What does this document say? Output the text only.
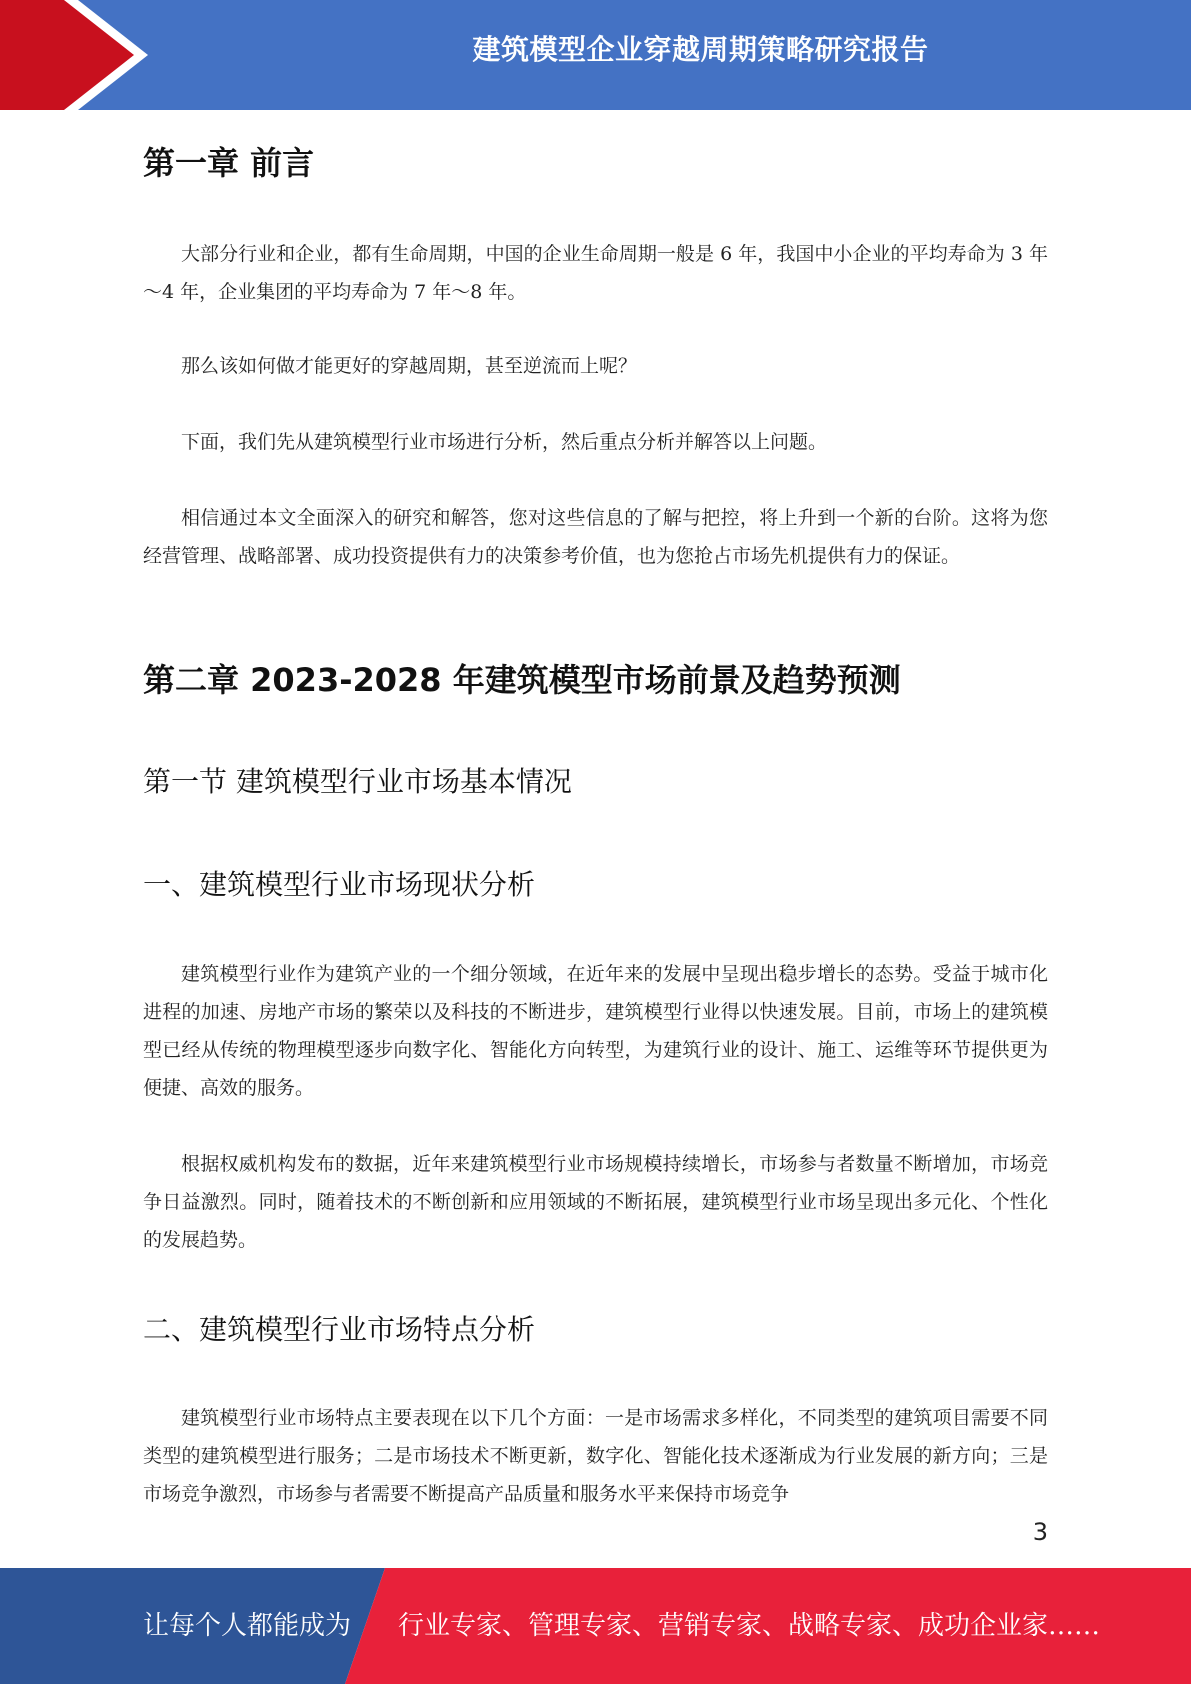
建筑模型企业穿越周期策略研究报告
第一章 前言

大部分行业和企业，都有生命周期，中国的企业生命周期一般是 6 年，我国中小企业的平均寿命为 3 年～4 年，企业集团的平均寿命为 7 年～8 年。

那么该如何做才能更好的穿越周期，甚至逆流而上呢？

下面，我们先从建筑模型行业市场进行分析，然后重点分析并解答以上问题。

相信通过本文全面深入的研究和解答，您对这些信息的了解与把控，将上升到一个新的台阶。这将为您经营管理、战略部署、成功投资提供有力的决策参考价值，也为您抢占市场先机提供有力的保证。

第二章 2023-2028 年建筑模型市场前景及趋势预测
第一节 建筑模型行业市场基本情况
一、建筑模型行业市场现状分析

建筑模型行业作为建筑产业的一个细分领域，在近年来的发展中呈现出稳步增长的态势。受益于城市化进程的加速、房地产市场的繁荣以及科技的不断进步，建筑模型行业得以快速发展。目前，市场上的建筑模型已经从传统的物理模型逐步向数字化、智能化方向转型，为建筑行业的设计、施工、运维等环节提供更为便捷、高效的服务。

根据权威机构发布的数据，近年来建筑模型行业市场规模持续增长，市场参与者数量不断增加，市场竞争日益激烈。同时，随着技术的不断创新和应用领域的不断拓展，建筑模型行业市场呈现出多元化、个性化的发展趋势。

二、建筑模型行业市场特点分析

建筑模型行业市场特点主要表现在以下几个方面：一是市场需求多样化，不同类型的建筑项目需要不同类型的建筑模型进行服务；二是市场技术不断更新，数字化、智能化技术逐渐成为行业发展的新方向；三是市场竞争激烈，市场参与者需要不断提高产品质量和服务水平来保持市场竞争

3
让每个人都能成为 行业专家、管理专家、营销专家、战略专家、成功企业家……
